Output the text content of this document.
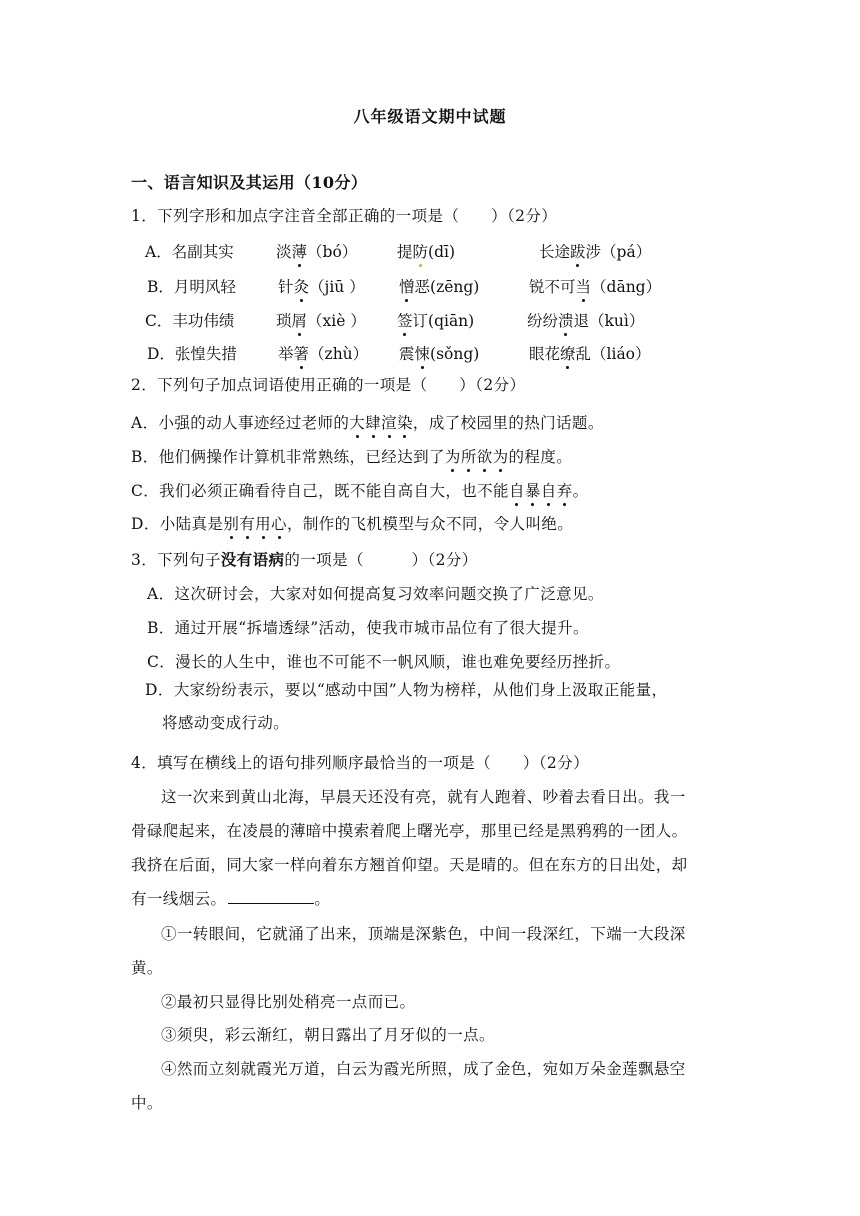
八年级语文期中试题
一、语言知识及其运用（10分）
1．下列字形和加点字注音全部正确的一项是（　　）（2分）
A．名副其实	淡薄（bó）	提防(dī)	长途跋涉（pá）
B．月明风轻	针灸（jiū ） 憎恶(zēng)	锐不可当（dāng）
C．丰功伟绩	琐屑（xiè ） 签订(qiān)	纷纷溃退（kuì）
D．张惶失措	举箸（zhù） 震悚(sǒng)	眼花缭乱（liáo）
2．下列句子加点词语使用正确的一项是（　　）（2分）
A．小强的动人事迹经过老师的大肆渲染，成了校园里的热门话题。
B．他们俩操作计算机非常熟练，已经达到了为所欲为的程度。
C．我们必须正确看待自己，既不能自高自大，也不能自暴自弃。
D．小陆真是别有用心，制作的飞机模型与众不同，令人叫绝。
3．下列句子没有语病的一项是（　　　）（2分）
A．这次研讨会，大家对如何提高复习效率问题交换了广泛意见。
B．通过开展“拆墙透绿”活动，使我市城市品位有了很大提升。
C．漫长的人生中，谁也不可能不一帆风顺，谁也难免要经历挫折。
D．大家纷纷表示，要以“感动中国”人物为榜样，从他们身上汲取正能量，
将感动变成行动。
4．填写在横线上的语句排列顺序最恰当的一项是（　　）（2分）
这一次来到黄山北海，早晨天还没有亮，就有人跑着、吵着去看日出。我一
骨碌爬起来，在凌晨的薄暗中摸索着爬上曙光亭，那里已经是黑鸦鸦的一团人。
我挤在后面，同大家一样向着东方翘首仰望。天是晴的。但在东方的日出处，却
有一线烟云。	。
①一转眼间，它就涌了出来，顶端是深紫色，中间一段深红，下端一大段深
黄。
②最初只显得比别处稍亮一点而已。
③须臾，彩云渐红，朝日露出了月牙似的一点。
④然而立刻就霞光万道，白云为霞光所照，成了金色，宛如万朵金莲飘悬空
中。
